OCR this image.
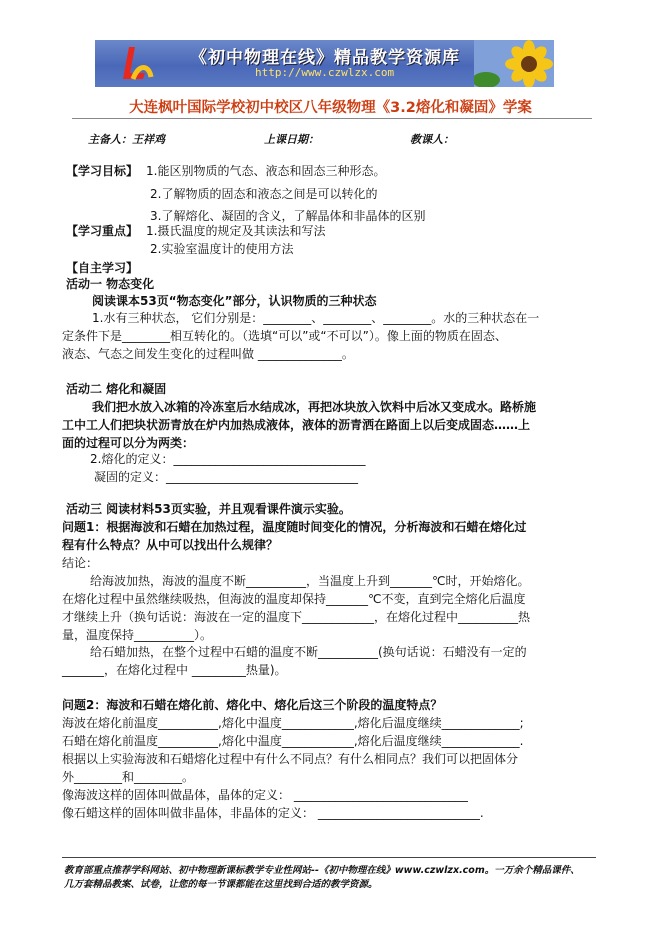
《初中物理在线》精品教学资源库
http://www.czwlzx.com
大连枫叶国际学校初中校区八年级物理《3.2熔化和凝固》学案
主备人：王祥鸡	上课日期：	教课人：
【学习目标】 1.能区别物质的气态、液态和固态三种形态。
2.了解物质的固态和液态之间是可以转化的
3.了解熔化、凝固的含义，了解晶体和非晶体的区别
【学习重点】 1.摄氏温度的规定及其读法和写法
2.实验室温度计的使用方法
【自主学习】
活动一 物态变化
阅读课本53页“物态变化”部分，认识物质的三种状态
1.水有三种状态， 它们分别是：________、________、________。水的三种状态在一
定条件下是________相互转化的。（选填“可以”或“不可以”）。像上面的物质在固态、
液态、气态之间发生变化的过程叫做 ______________。
活动二 熔化和凝固
我们把水放入冰箱的冷冻室后水结成冰，再把冰块放入饮料中后冰又变成水。路桥施
工中工人们把块状沥青放在炉内加热成液体，液体的沥青洒在路面上以后变成固态……上
面的过程可以分为两类：
2.熔化的定义：________________________________
凝固的定义：________________________________
活动三 阅读材料53页实验，并且观看课件演示实验。
问题1：根据海波和石蜡在加热过程，温度随时间变化的情况，分析海波和石蜡在熔化过
程有什么特点？从中可以找出什么规律？
结论：
给海波加热，海波的温度不断__________，当温度上升到_______℃时，开始熔化。
在熔化过程中虽然继续吸热，但海波的温度却保持_______℃不变，直到完全熔化后温度
才继续上升（换句话说：海波在一定的温度下____________，在熔化过程中__________热
量，温度保持__________）。
给石蜡加热，在整个过程中石蜡的温度不断__________(换句话说：石蜡没有一定的
_______，在熔化过程中 _________热量)。
问题2：海波和石蜡在熔化前、熔化中、熔化后这三个阶段的温度特点？
海波在熔化前温度__________,熔化中温度____________,熔化后温度继续_____________;
石蜡在熔化前温度__________,熔化中温度____________,熔化后温度继续_____________.
根据以上实验海波和石蜡熔化过程中有什么不同点？有什么相同点？我们可以把固体分
外________和________。
像海波这样的固体叫做晶体，晶体的定义： _____________________________
像石蜡这样的固体叫做非晶体，非晶体的定义： ___________________________.
教育部重点推荐学科网站、初中物理新课标教学专业性网站--《初中物理在线》www.czwlzx.com。一万余个精品课件、
几万套精品教案、试卷，让您的每一节课都能在这里找到合适的教学资源。
